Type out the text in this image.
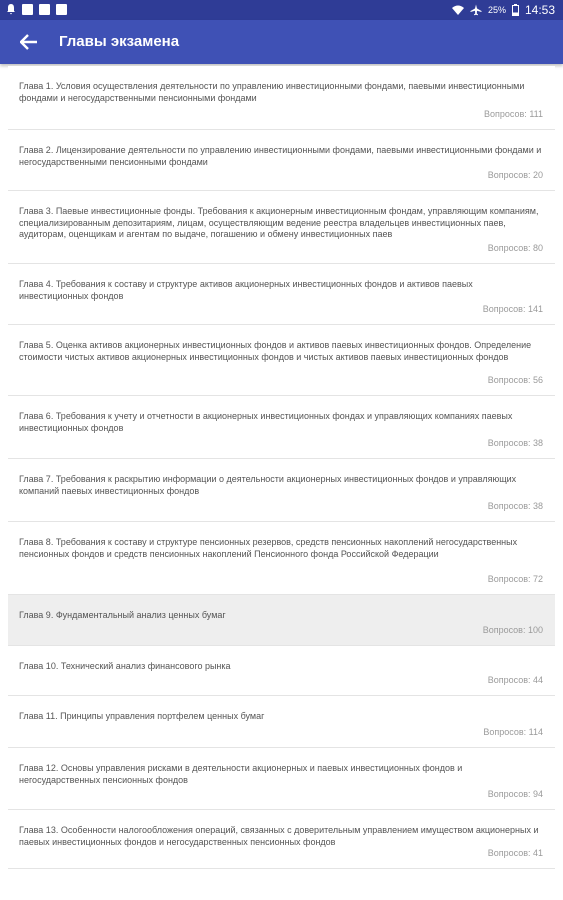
25% 14:53
Главы экзамена
Глава 1. Условия осуществления деятельности по управлению инвестиционными фондами, паевыми инвестиционными фондами и негосударственными пенсионными фондами
Вопросов: 111
Глава 2. Лицензирование деятельности по управлению инвестиционными фондами, паевыми инвестиционными фондами и негосударственными пенсионными фондами
Вопросов: 20
Глава 3. Паевые инвестиционные фонды. Требования к акционерным инвестиционным фондам, управляющим компаниям, специализированным депозитариям, лицам, осуществляющим ведение реестра владельцев инвестиционных паев, аудиторам, оценщикам и агентам по выдаче, погашению и обмену инвестиционных паев
Вопросов: 80
Глава 4. Требования к составу и структуре активов акционерных инвестиционных фондов и активов паевых инвестиционных фондов
Вопросов: 141
Глава 5. Оценка активов акционерных инвестиционных фондов и активов паевых инвестиционных фондов. Определение стоимости чистых активов акционерных инвестиционных фондов и чистых активов паевых инвестиционных фондов
Вопросов: 56
Глава 6. Требования к учету и отчетности в акционерных инвестиционных фондах и управляющих компаниях паевых инвестиционных фондов
Вопросов: 38
Глава 7. Требования к раскрытию информации о деятельности акционерных инвестиционных фондов и управляющих компаний паевых инвестиционных фондов
Вопросов: 38
Глава 8. Требования к составу и структуре пенсионных резервов, средств пенсионных накоплений негосударственных пенсионных фондов и средств пенсионных накоплений Пенсионного фонда Российской Федерации
Вопросов: 72
Глава 9. Фундаментальный анализ ценных бумаг
Вопросов: 100
Глава 10. Технический анализ финансового рынка
Вопросов: 44
Глава 11. Принципы управления портфелем ценных бумаг
Вопросов: 114
Глава 12. Основы управления рисками в деятельности акционерных и паевых инвестиционных фондов и негосударственных пенсионных фондов
Вопросов: 94
Глава 13. Особенности налогообложения операций, связанных с доверительным управлением имуществом акционерных и паевых инвестиционных фондов и негосударственных пенсионных фондов
Вопросов: 41
